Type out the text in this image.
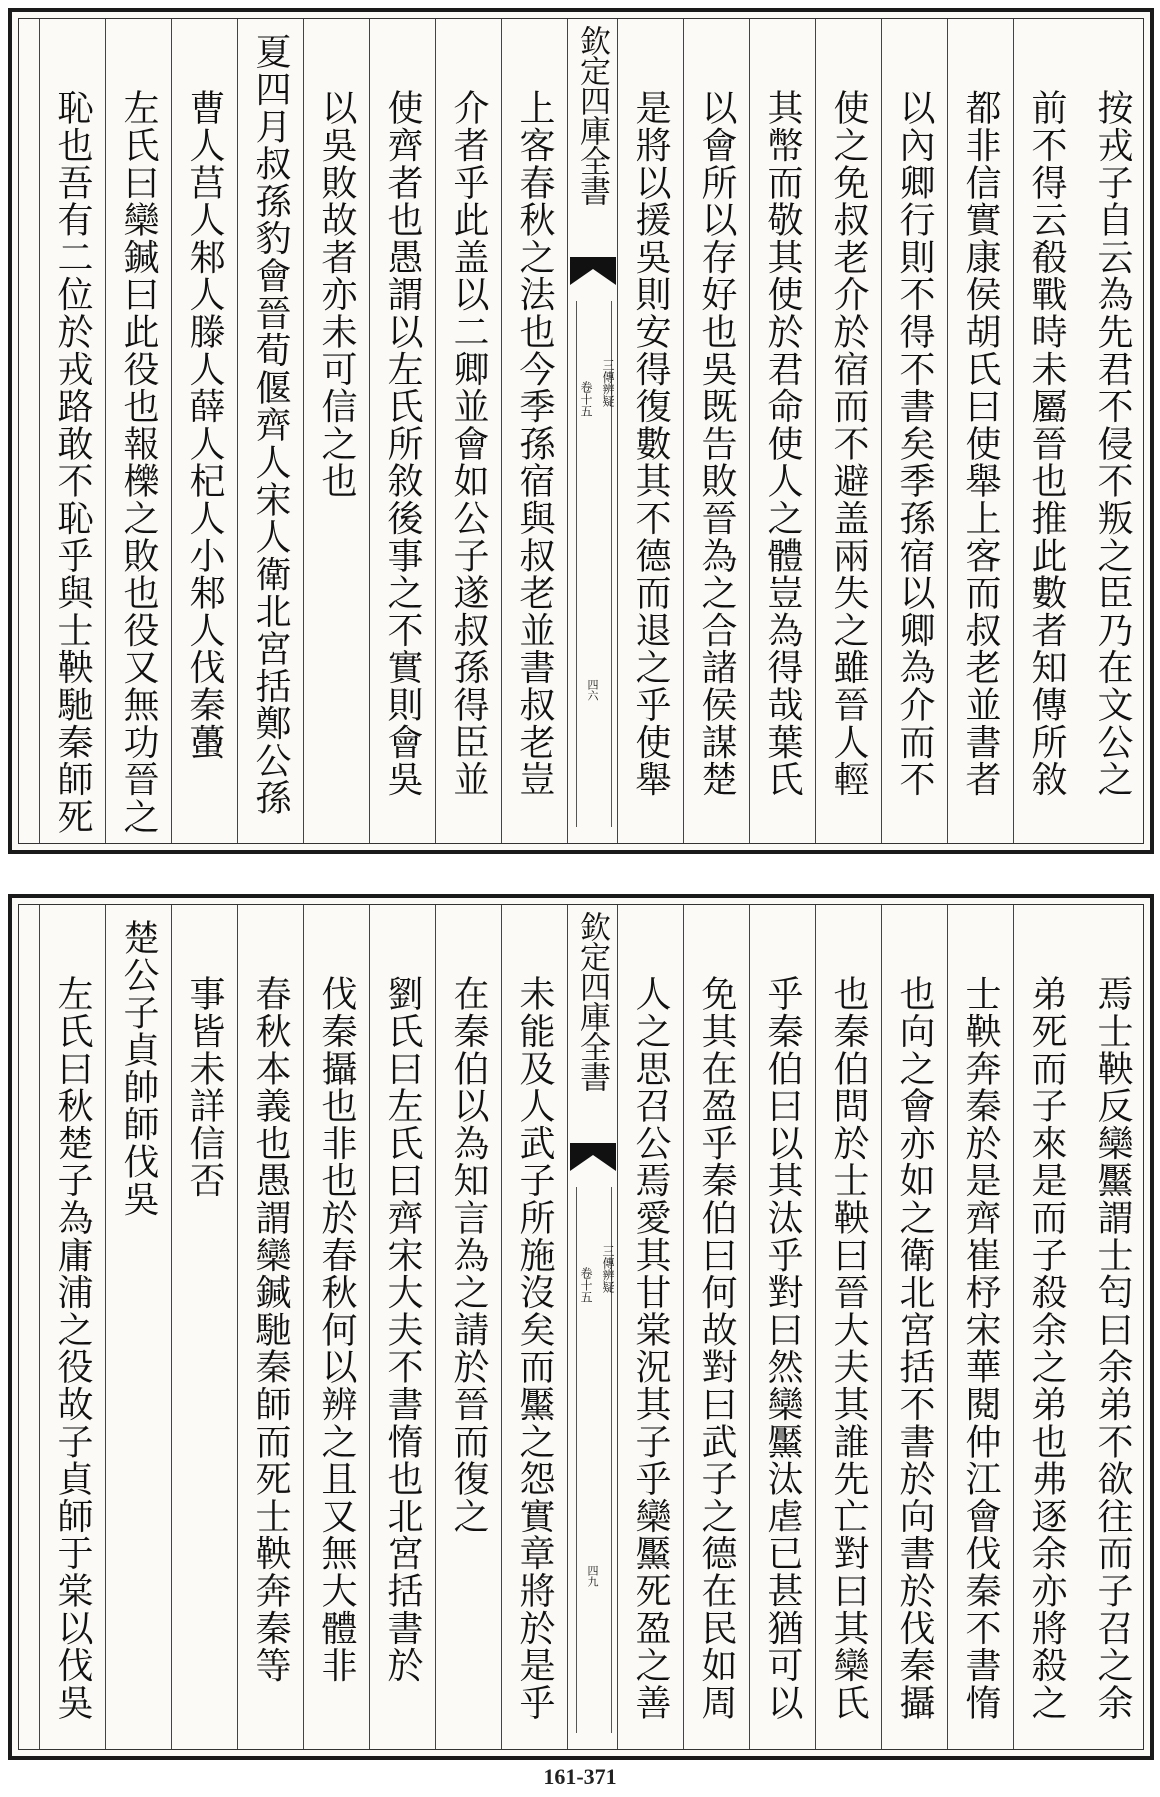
按戎子自云為先君不侵不叛之臣乃在文公之
前不得云殽戰時未屬晉也推此數者知傳所敘
都非信實康侯胡氏曰使舉上客而叔老並書者
以內卿行則不得不書矣季孫宿以卿為介而不
使之免叔老介於宿而不避盖兩失之雖晉人輕
其幣而敬其使於君命使人之體豈為得哉葉氏
以會所以存好也吳既告敗晉為之合諸侯謀楚
是將以援吳則安得復數其不德而退之乎使舉
欽定四庫全書
三傳辨疑
卷十五
四六
上客春秋之法也今季孫宿與叔老並書叔老豈
介者乎此盖以二卿並會如公子遂叔孫得臣並
使齊者也愚謂以左氏所敘後事之不實則會吳
以吳敗故者亦未可信之也
夏四月叔孫豹會晉荀偃齊人宋人衛北宮括鄭公孫
曹人莒人邾人滕人薛人杞人小邾人伐秦蠆
左氏曰欒鍼曰此役也報櫟之敗也役又無功晉之
恥也吾有二位於戎路敢不恥乎與士鞅馳秦師死
焉士鞅反欒黶謂士匄曰余弟不欲往而子召之余
弟死而子來是而子殺余之弟也弗逐余亦將殺之
士鞅奔秦於是齊崔杼宋華閱仲江會伐秦不書惰
也向之會亦如之衛北宮括不書於向書於伐秦攝
也秦伯問於士鞅曰晉大夫其誰先亡對曰其欒氏
乎秦伯曰以其汰乎對曰然欒黶汰虐已甚猶可以
免其在盈乎秦伯曰何故對曰武子之德在民如周
人之思召公焉愛其甘棠況其子乎欒黶死盈之善
欽定四庫全書
三傳辨疑
卷十五
四九
未能及人武子所施沒矣而黶之怨實章將於是乎
在秦伯以為知言為之請於晉而復之
劉氏曰左氏曰齊宋大夫不書惰也北宮括書於
伐秦攝也非也於春秋何以辨之且又無大體非
春秋本義也愚謂欒鍼馳秦師而死士鞅奔秦等
事皆未詳信否
楚公子貞帥師伐吳
左氏曰秋楚子為庸浦之役故子貞師于棠以伐吳
161-371
